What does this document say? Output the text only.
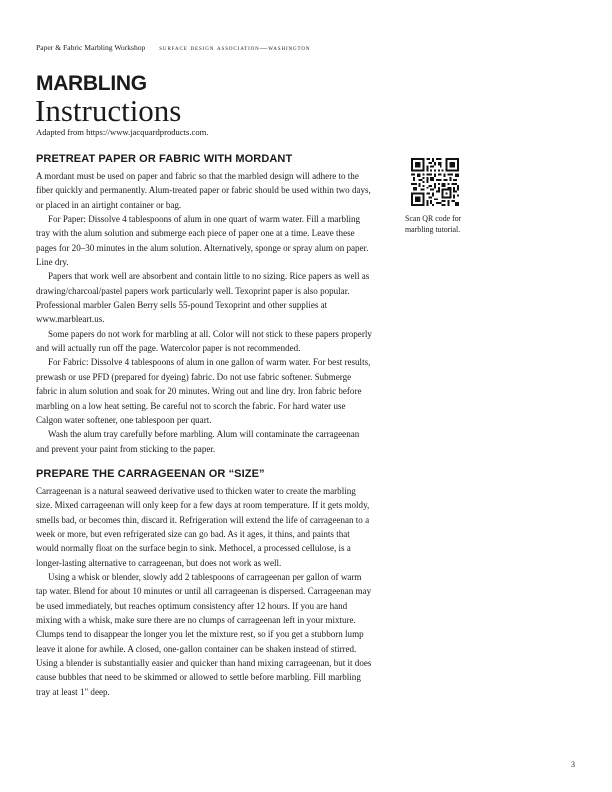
Paper & Fabric Marbling Workshop surface design association—washington
MARBLING
Instructions
Adapted from https://www.jacquardproducts.com.
PRETREAT PAPER OR FABRIC WITH MORDANT

A mordant must be used on paper and fabric so that the marbled design will adhere to the fiber quickly and permanently. Alum-treated paper or fabric should be used within two days, or placed in an airtight container or bag.

For Paper: Dissolve 4 tablespoons of alum in one quart of warm water. Fill a marbling tray with the alum solution and submerge each piece of paper one at a time. Leave these pages for 20–30 minutes in the alum solution. Alternatively, sponge or spray alum on paper. Line dry.

Papers that work well are absorbent and contain little to no sizing. Rice papers as well as drawing/charcoal/pastel papers work particularly well. Texoprint paper is also popular. Professional marbler Galen Berry sells 55-pound Texoprint and other supplies at www.marbleart.us.

Some papers do not work for marbling at all. Color will not stick to these papers properly and will actually run off the page. Watercolor paper is not recommended.

For Fabric: Dissolve 4 tablespoons of alum in one gallon of warm water. For best results, prewash or use PFD (prepared for dyeing) fabric. Do not use fabric softener. Submerge fabric in alum solution and soak for 20 minutes. Wring out and line dry. Iron fabric before marbling on a low heat setting. Be careful not to scorch the fabric. For hard water use Calgon water softener, one tablespoon per quart.

Wash the alum tray carefully before marbling. Alum will contaminate the carrageenan and prevent your paint from sticking to the paper.

PREPARE THE CARRAGEENAN OR “SIZE”

Carrageenan is a natural seaweed derivative used to thicken water to create the marbling size. Mixed carrageenan will only keep for a few days at room temperature. If it gets moldy, smells bad, or becomes thin, discard it. Refrigeration will extend the life of carrageenan to a week or more, but even refrigerated size can go bad. As it ages, it thins, and paints that would normally float on the surface begin to sink. Methocel, a processed cellulose, is a longer-lasting alternative to carrageenan, but does not work as well.

Using a whisk or blender, slowly add 2 tablespoons of carrageenan per gallon of warm tap water. Blend for about 10 minutes or until all carrageenan is dispersed. Carrageenan may be used immediately, but reaches optimum consistency after 12 hours. If you are hand mixing with a whisk, make sure there are no clumps of carrageenan left in your mixture. Clumps tend to disappear the longer you let the mixture rest, so if you get a stubborn lump leave it alone for awhile. A closed, one-gallon container can be shaken instead of stirred. Using a blender is substantially easier and quicker than hand mixing carrageenan, but it does cause bubbles that need to be skimmed or allowed to settle before marbling. Fill marbling tray at least 1" deep.

Scan QR code for marbling tutorial.
3
